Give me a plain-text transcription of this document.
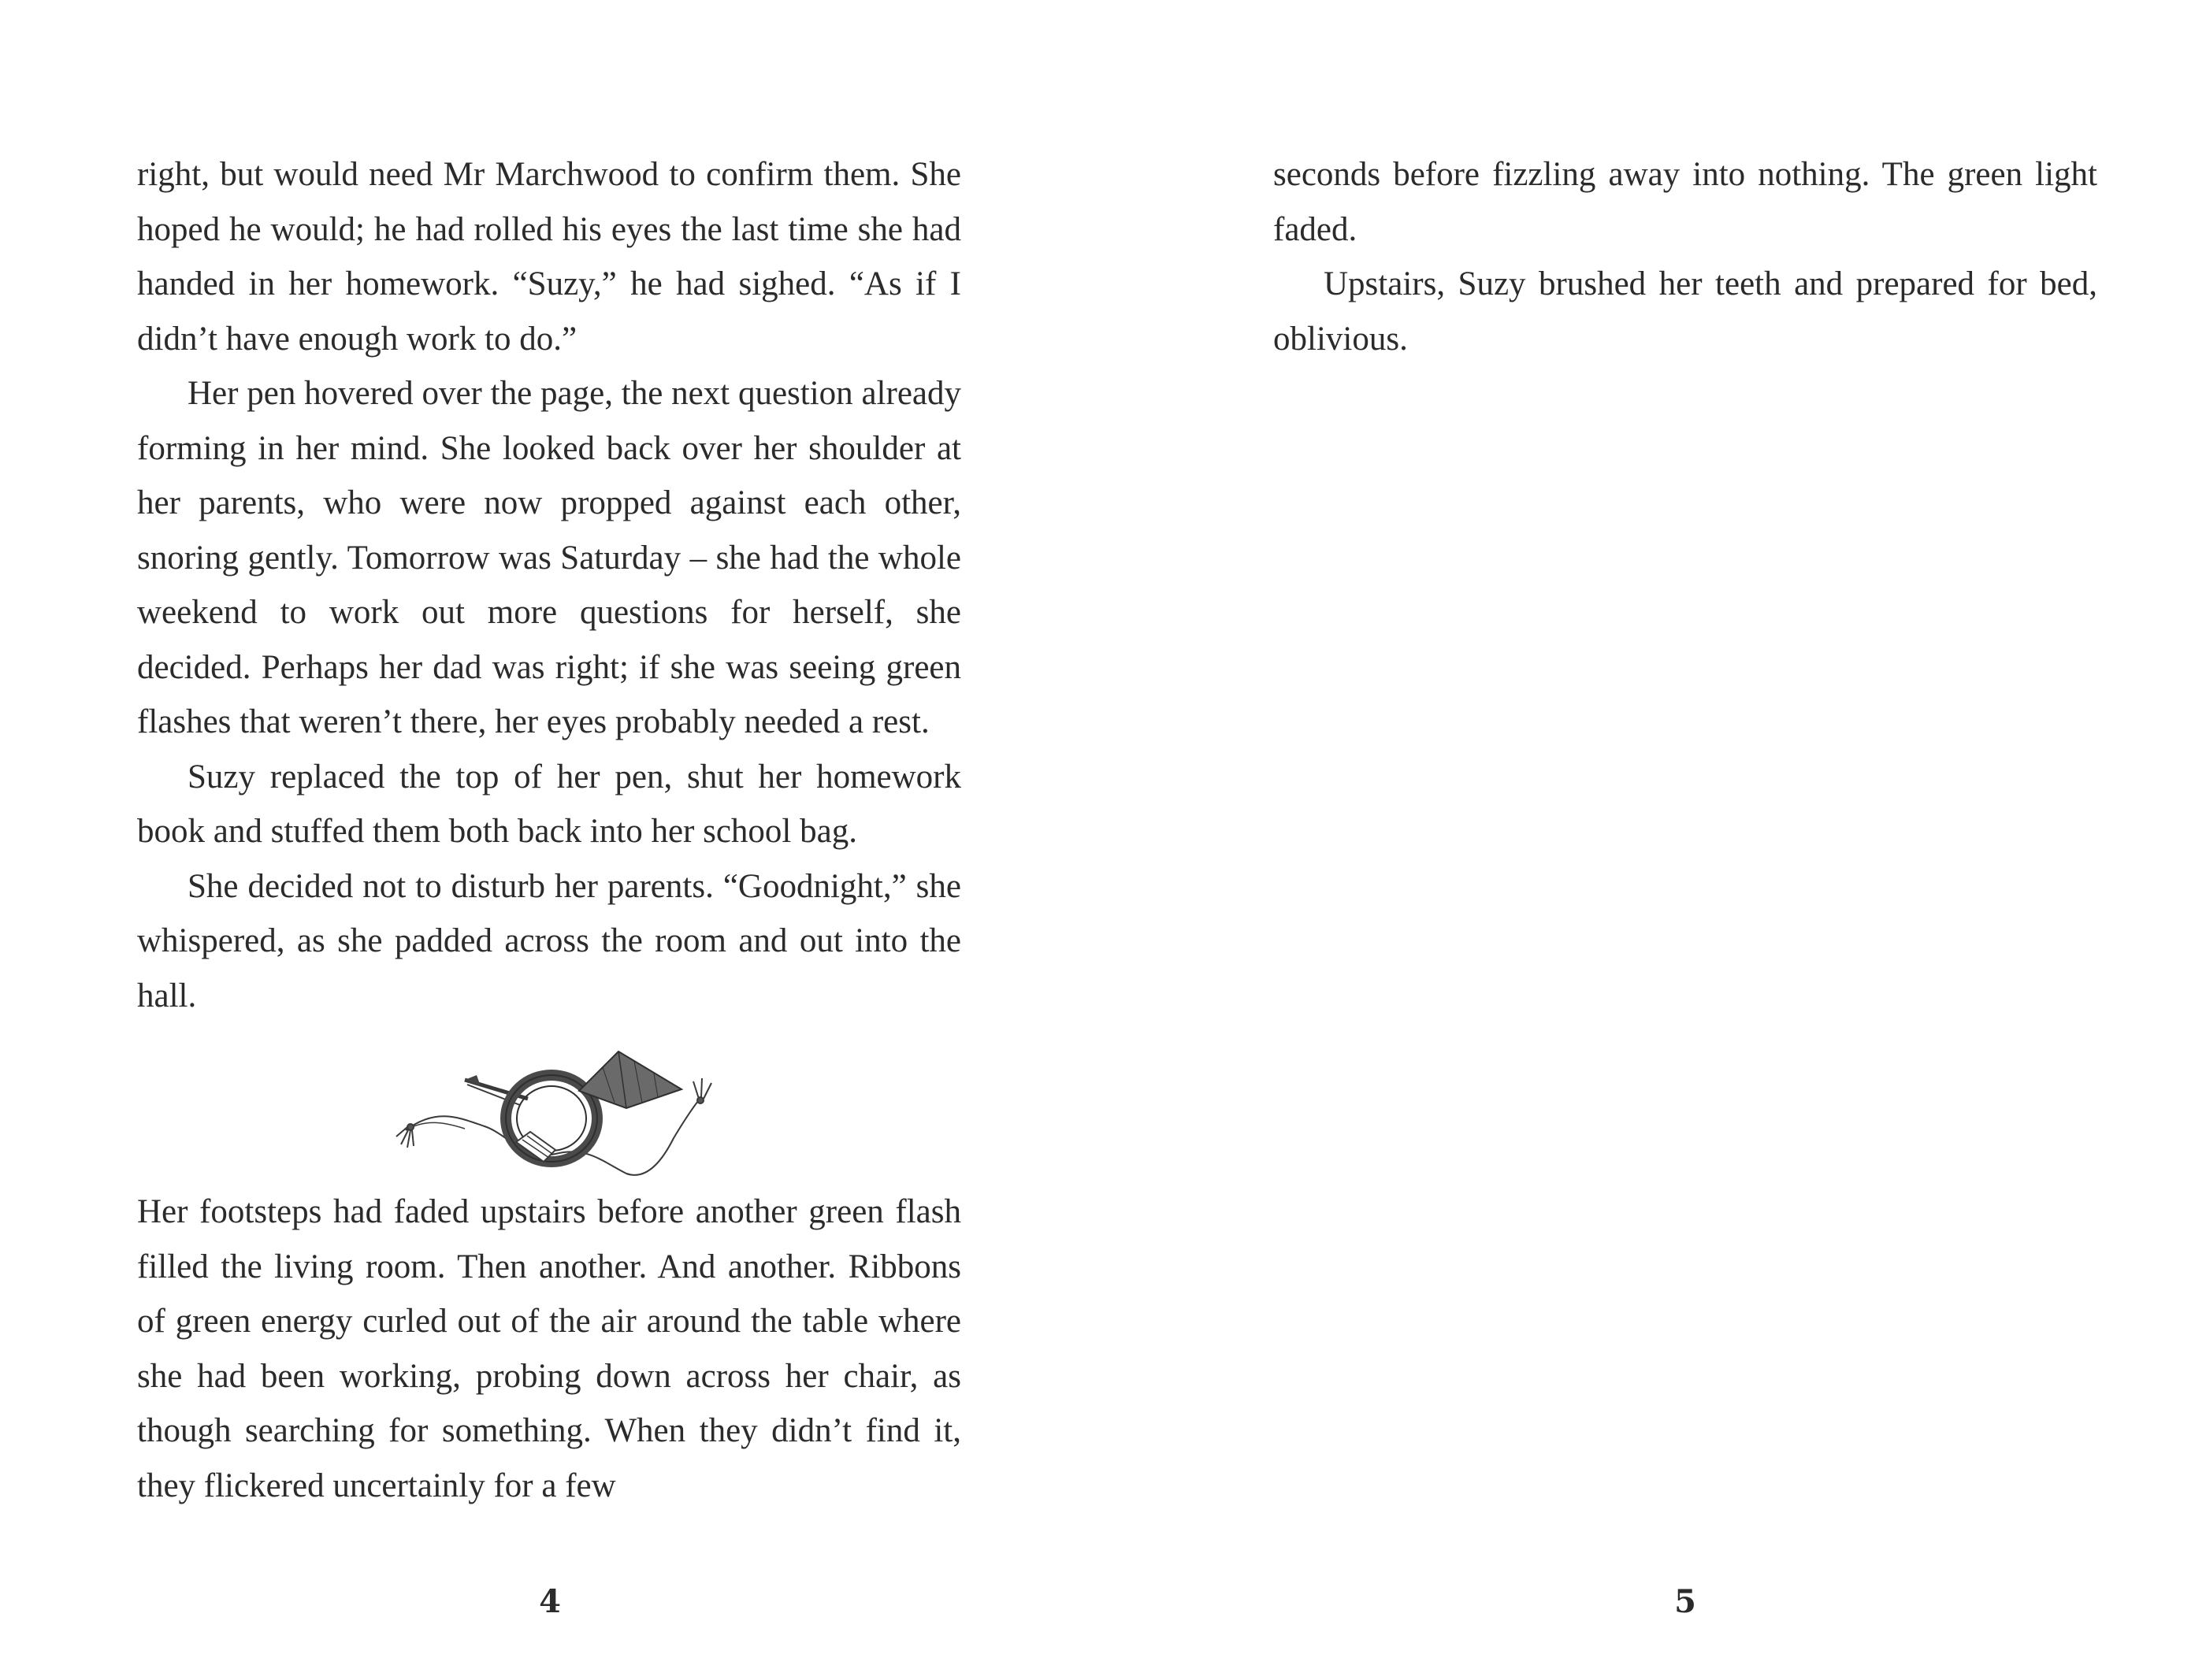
right, but would need Mr Marchwood to confirm them. She hoped he would; he had rolled his eyes the last time she had handed in her homework. “Suzy,” he had sighed. “As if I didn’t have enough work to do.”

Her pen hovered over the page, the next question already forming in her mind. She looked back over her shoulder at her parents, who were now propped against each other, snoring gently. Tomorrow was Saturday – she had the whole weekend to work out more questions for herself, she decided. Perhaps her dad was right; if she was seeing green flashes that weren’t there, her eyes probably needed a rest.

Suzy replaced the top of her pen, shut her homework book and stuffed them both back into her school bag.

She decided not to disturb her parents. “Goodnight,” she whispered, as she padded across the room and out into the hall.

Her footsteps had faded upstairs before another green flash filled the living room. Then another. And another. Ribbons of green energy curled out of the air around the table where she had been working, probing down across her chair, as though searching for something. When they didn’t find it, they flickered uncertainly for a few

4

seconds before fizzling away into nothing. The green light faded.

Upstairs, Suzy brushed her teeth and prepared for bed, oblivious.

5
